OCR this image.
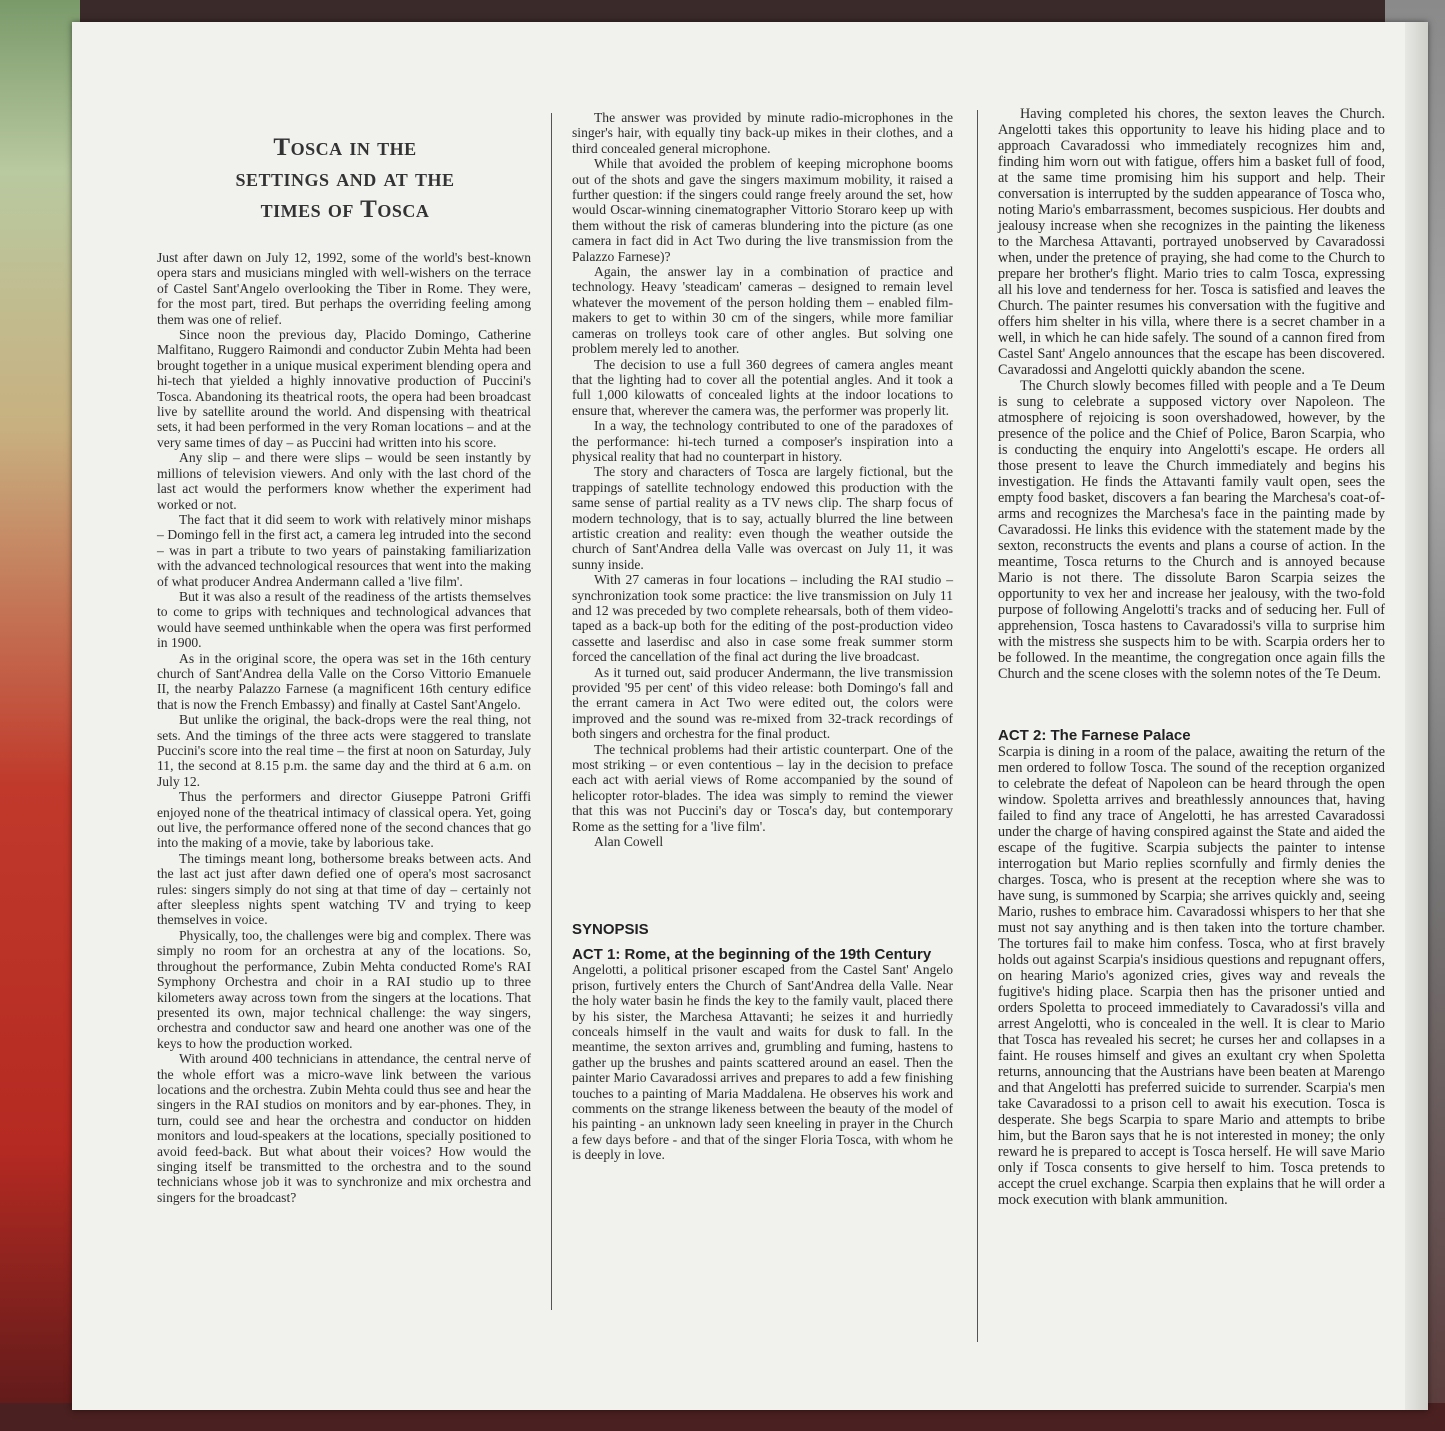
Tosca in the
settings and at the
times of Tosca

Just after dawn on July 12, 1992, some of the world's best-known opera stars and musicians mingled with well-wishers on the terrace of Castel Sant'Angelo overlooking the Tiber in Rome. They were, for the most part, tired. But perhaps the overriding feeling among them was one of relief.

Since noon the previous day, Placido Domingo, Catherine Malfitano, Ruggero Raimondi and conductor Zubin Mehta had been brought together in a unique musical experiment blending opera and hi-tech that yielded a highly innovative production of Puccini's Tosca. Abandoning its theatrical roots, the opera had been broadcast live by satellite around the world. And dispensing with theatrical sets, it had been performed in the very Roman locations – and at the very same times of day – as Puccini had written into his score.

Any slip – and there were slips – would be seen instantly by millions of television viewers. And only with the last chord of the last act would the performers know whether the experiment had worked or not.

The fact that it did seem to work with relatively minor mishaps – Domingo fell in the first act, a camera leg intruded into the second – was in part a tribute to two years of painstaking familiarization with the advanced technological resources that went into the making of what producer Andrea Andermann called a 'live film'.

But it was also a result of the readiness of the artists themselves to come to grips with techniques and technological advances that would have seemed unthinkable when the opera was first performed in 1900.

As in the original score, the opera was set in the 16th century church of Sant'Andrea della Valle on the Corso Vittorio Emanuele II, the nearby Palazzo Farnese (a magnificent 16th century edifice that is now the French Embassy) and finally at Castel Sant'Angelo.

But unlike the original, the back-drops were the real thing, not sets. And the timings of the three acts were staggered to translate Puccini's score into the real time – the first at noon on Saturday, July 11, the second at 8.15 p.m. the same day and the third at 6 a.m. on July 12.

Thus the performers and director Giuseppe Patroni Griffi enjoyed none of the theatrical intimacy of classical opera. Yet, going out live, the performance offered none of the second chances that go into the making of a movie, take by laborious take.

The timings meant long, bothersome breaks between acts. And the last act just after dawn defied one of opera's most sacrosanct rules: singers simply do not sing at that time of day – certainly not after sleepless nights spent watching TV and trying to keep themselves in voice.

Physically, too, the challenges were big and complex. There was simply no room for an orchestra at any of the locations. So, throughout the performance, Zubin Mehta conducted Rome's RAI Symphony Orchestra and choir in a RAI studio up to three kilometers away across town from the singers at the locations. That presented its own, major technical challenge: the way singers, orchestra and conductor saw and heard one another was one of the keys to how the production worked.

With around 400 technicians in attendance, the central nerve of the whole effort was a micro-wave link between the various locations and the orchestra. Zubin Mehta could thus see and hear the singers in the RAI studios on monitors and by ear-phones. They, in turn, could see and hear the orchestra and conductor on hidden monitors and loud-speakers at the locations, specially positioned to avoid feed-back. But what about their voices? How would the singing itself be transmitted to the orchestra and to the sound technicians whose job it was to synchronize and mix orchestra and singers for the broadcast?

The answer was provided by minute radio-microphones in the singer's hair, with equally tiny back-up mikes in their clothes, and a third concealed general microphone.

While that avoided the problem of keeping microphone booms out of the shots and gave the singers maximum mobility, it raised a further question: if the singers could range freely around the set, how would Oscar-winning cinematographer Vittorio Storaro keep up with them without the risk of cameras blundering into the picture (as one camera in fact did in Act Two during the live transmission from the Palazzo Farnese)?

Again, the answer lay in a combination of practice and technology. Heavy 'steadicam' cameras – designed to remain level whatever the movement of the person holding them – enabled film-makers to get to within 30 cm of the singers, while more familiar cameras on trolleys took care of other angles. But solving one problem merely led to another.

The decision to use a full 360 degrees of camera angles meant that the lighting had to cover all the potential angles. And it took a full 1,000 kilowatts of concealed lights at the indoor locations to ensure that, wherever the camera was, the performer was properly lit.

In a way, the technology contributed to one of the paradoxes of the performance: hi-tech turned a composer's inspiration into a physical reality that had no counterpart in history.

The story and characters of Tosca are largely fictional, but the trappings of satellite technology endowed this production with the same sense of partial reality as a TV news clip. The sharp focus of modern technology, that is to say, actually blurred the line between artistic creation and reality: even though the weather outside the church of Sant'Andrea della Valle was overcast on July 11, it was sunny inside.

With 27 cameras in four locations – including the RAI studio – synchronization took some practice: the live transmission on July 11 and 12 was preceded by two complete rehearsals, both of them video-taped as a back-up both for the editing of the post-production video cassette and laserdisc and also in case some freak summer storm forced the cancellation of the final act during the live broadcast.

As it turned out, said producer Andermann, the live transmission provided '95 per cent' of this video release: both Domingo's fall and the errant camera in Act Two were edited out, the colors were improved and the sound was re-mixed from 32-track recordings of both singers and orchestra for the final product.

The technical problems had their artistic counterpart. One of the most striking – or even contentious – lay in the decision to preface each act with aerial views of Rome accompanied by the sound of helicopter rotor-blades. The idea was simply to remind the viewer that this was not Puccini's day or Tosca's day, but contemporary Rome as the setting for a 'live film'.

Alan Cowell

SYNOPSIS
ACT 1: Rome, at the beginning of the 19th Century

Angelotti, a political prisoner escaped from the Castel Sant' Angelo prison, furtively enters the Church of Sant'Andrea della Valle. Near the holy water basin he finds the key to the family vault, placed there by his sister, the Marchesa Attavanti; he seizes it and hurriedly conceals himself in the vault and waits for dusk to fall. In the meantime, the sexton arrives and, grumbling and fuming, hastens to gather up the brushes and paints scattered around an easel. Then the painter Mario Cavaradossi arrives and prepares to add a few finishing touches to a painting of Maria Maddalena. He observes his work and comments on the strange likeness between the beauty of the model of his painting - an unknown lady seen kneeling in prayer in the Church a few days before - and that of the singer Floria Tosca, with whom he is deeply in love.

Having completed his chores, the sexton leaves the Church. Angelotti takes this opportunity to leave his hiding place and to approach Cavaradossi who immediately recognizes him and, finding him worn out with fatigue, offers him a basket full of food, at the same time promising him his support and help. Their conversation is interrupted by the sudden appearance of Tosca who, noting Mario's embarrassment, becomes suspicious. Her doubts and jealousy increase when she recognizes in the painting the likeness to the Marchesa Attavanti, portrayed unobserved by Cavaradossi when, under the pretence of praying, she had come to the Church to prepare her brother's flight. Mario tries to calm Tosca, expressing all his love and tenderness for her. Tosca is satisfied and leaves the Church. The painter resumes his conversation with the fugitive and offers him shelter in his villa, where there is a secret chamber in a well, in which he can hide safely. The sound of a cannon fired from Castel Sant' Angelo announces that the escape has been discovered. Cavaradossi and Angelotti quickly abandon the scene.

The Church slowly becomes filled with people and a Te Deum is sung to celebrate a supposed victory over Napoleon. The atmosphere of rejoicing is soon overshadowed, however, by the presence of the police and the Chief of Police, Baron Scarpia, who is conducting the enquiry into Angelotti's escape. He orders all those present to leave the Church immediately and begins his investigation. He finds the Attavanti family vault open, sees the empty food basket, discovers a fan bearing the Marchesa's coat-of-arms and recognizes the Marchesa's face in the painting made by Cavaradossi. He links this evidence with the statement made by the sexton, reconstructs the events and plans a course of action. In the meantime, Tosca returns to the Church and is annoyed because Mario is not there. The dissolute Baron Scarpia seizes the opportunity to vex her and increase her jealousy, with the two-fold purpose of following Angelotti's tracks and of seducing her. Full of apprehension, Tosca hastens to Cavaradossi's villa to surprise him with the mistress she suspects him to be with. Scarpia orders her to be followed. In the meantime, the congregation once again fills the Church and the scene closes with the solemn notes of the Te Deum.

ACT 2: The Farnese Palace

Scarpia is dining in a room of the palace, awaiting the return of the men ordered to follow Tosca. The sound of the reception organized to celebrate the defeat of Napoleon can be heard through the open window. Spoletta arrives and breathlessly announces that, having failed to find any trace of Angelotti, he has arrested Cavaradossi under the charge of having conspired against the State and aided the escape of the fugitive. Scarpia subjects the painter to intense interrogation but Mario replies scornfully and firmly denies the charges. Tosca, who is present at the reception where she was to have sung, is summoned by Scarpia; she arrives quickly and, seeing Mario, rushes to embrace him. Cavaradossi whispers to her that she must not say anything and is then taken into the torture chamber. The tortures fail to make him confess. Tosca, who at first bravely holds out against Scarpia's insidious questions and repugnant offers, on hearing Mario's agonized cries, gives way and reveals the fugitive's hiding place. Scarpia then has the prisoner untied and orders Spoletta to proceed immediately to Cavaradossi's villa and arrest Angelotti, who is concealed in the well. It is clear to Mario that Tosca has revealed his secret; he curses her and collapses in a faint. He rouses himself and gives an exultant cry when Spoletta returns, announcing that the Austrians have been beaten at Marengo and that Angelotti has preferred suicide to surrender. Scarpia's men take Cavaradossi to a prison cell to await his execution. Tosca is desperate. She begs Scarpia to spare Mario and attempts to bribe him, but the Baron says that he is not interested in money; the only reward he is prepared to accept is Tosca herself. He will save Mario only if Tosca consents to give herself to him. Tosca pretends to accept the cruel exchange. Scarpia then explains that he will order a mock execution with blank ammunition.
